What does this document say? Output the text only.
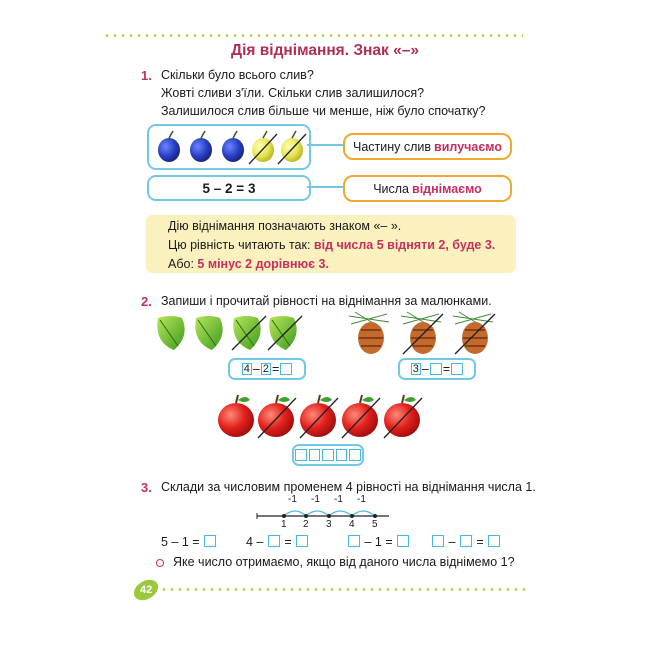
Дія віднімання. Знак «–»
1. Скільки було всього слив?
Жовті сливи з'їли. Скільки слив залишилося?
Залишилося слив більше чи менше, ніж було спочатку?
5 – 2 = 3
Частину слив вилучаємо
Числа віднімаємо
Дію віднімання позначають знаком «– ».
Цю рівність читають так: від числа 5 відняти 2, буде 3.
Або: 5 мінус 2 дорівнює 3.
2. Запиши і прочитай рівності на віднімання за малюнками.
4 – 2 =	3 – =
3. Склади за числовим променем 4 рівності на віднімання числа 1.
-1 -1 -1 -1
1 2 3 4 5
5 – 1 =	4 –  =	– 1 =	–  =
Яке число отримаємо, якщо від даного числа віднімемо 1?
42
